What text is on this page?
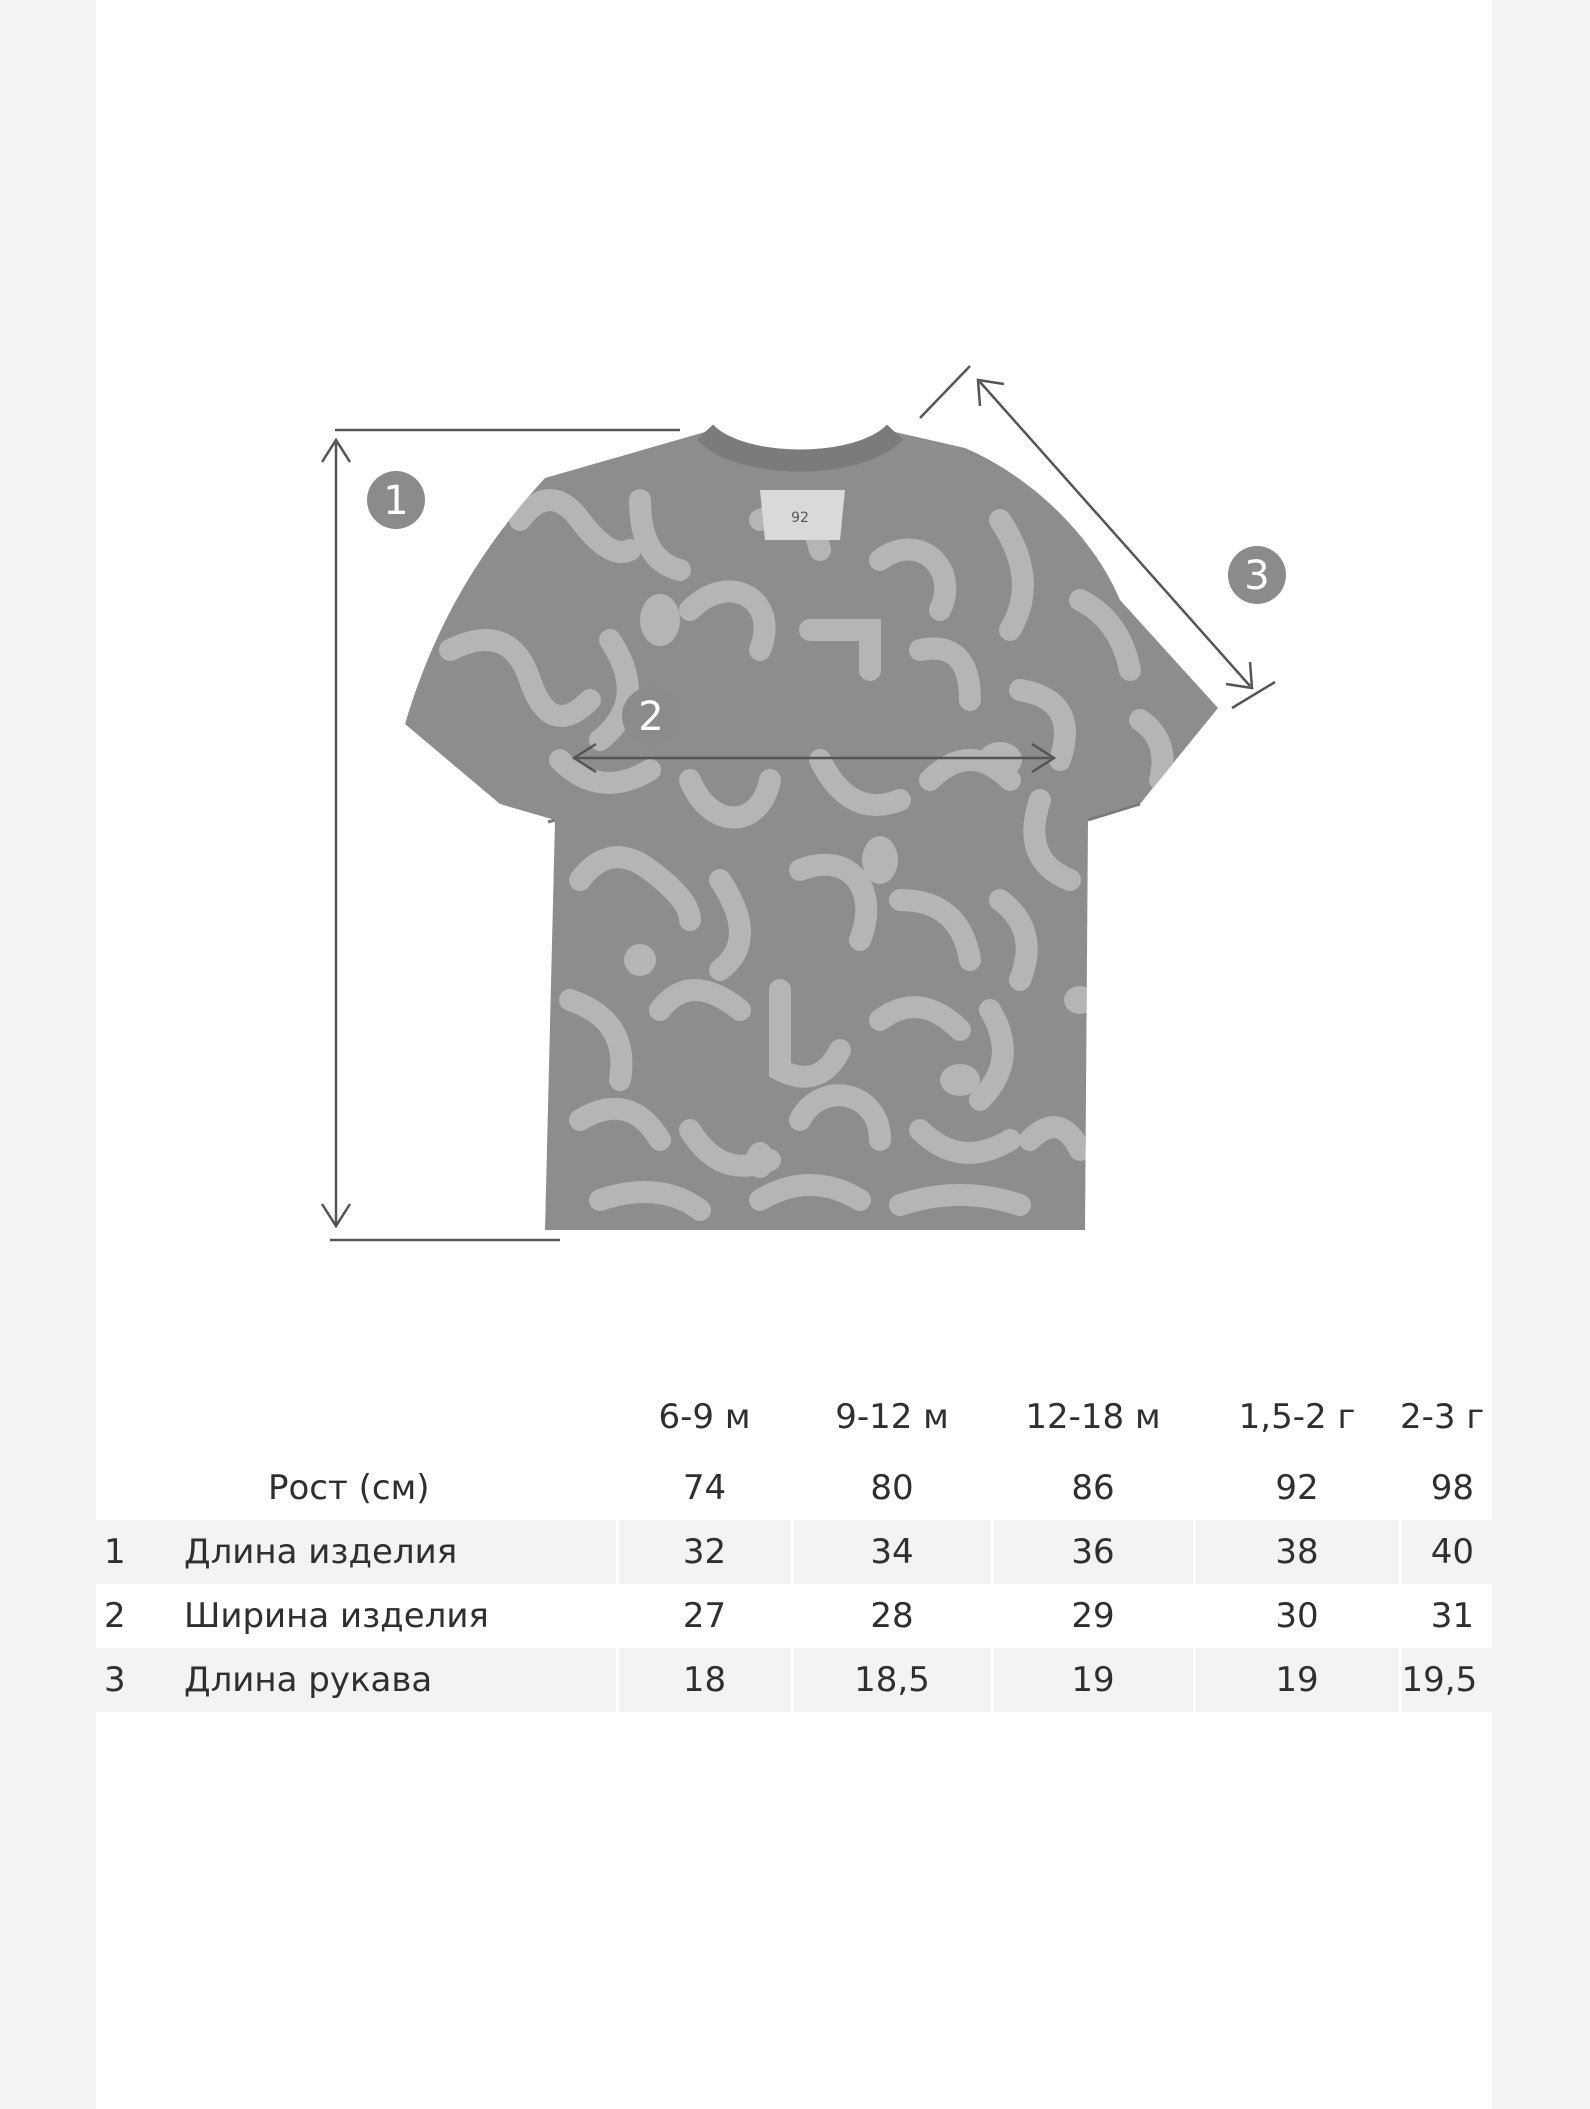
92
1
2
3
		6-9 м	9-12 м	12-18 м	1,5-2 г	2-3 г
	Рост (см)	74	80	86	92	98
1	Длина изделия	32	34	36	38	40
2	Ширина изделия	27	28	29	30	31
3	Длина рукава	18	18,5	19	19	19,5
